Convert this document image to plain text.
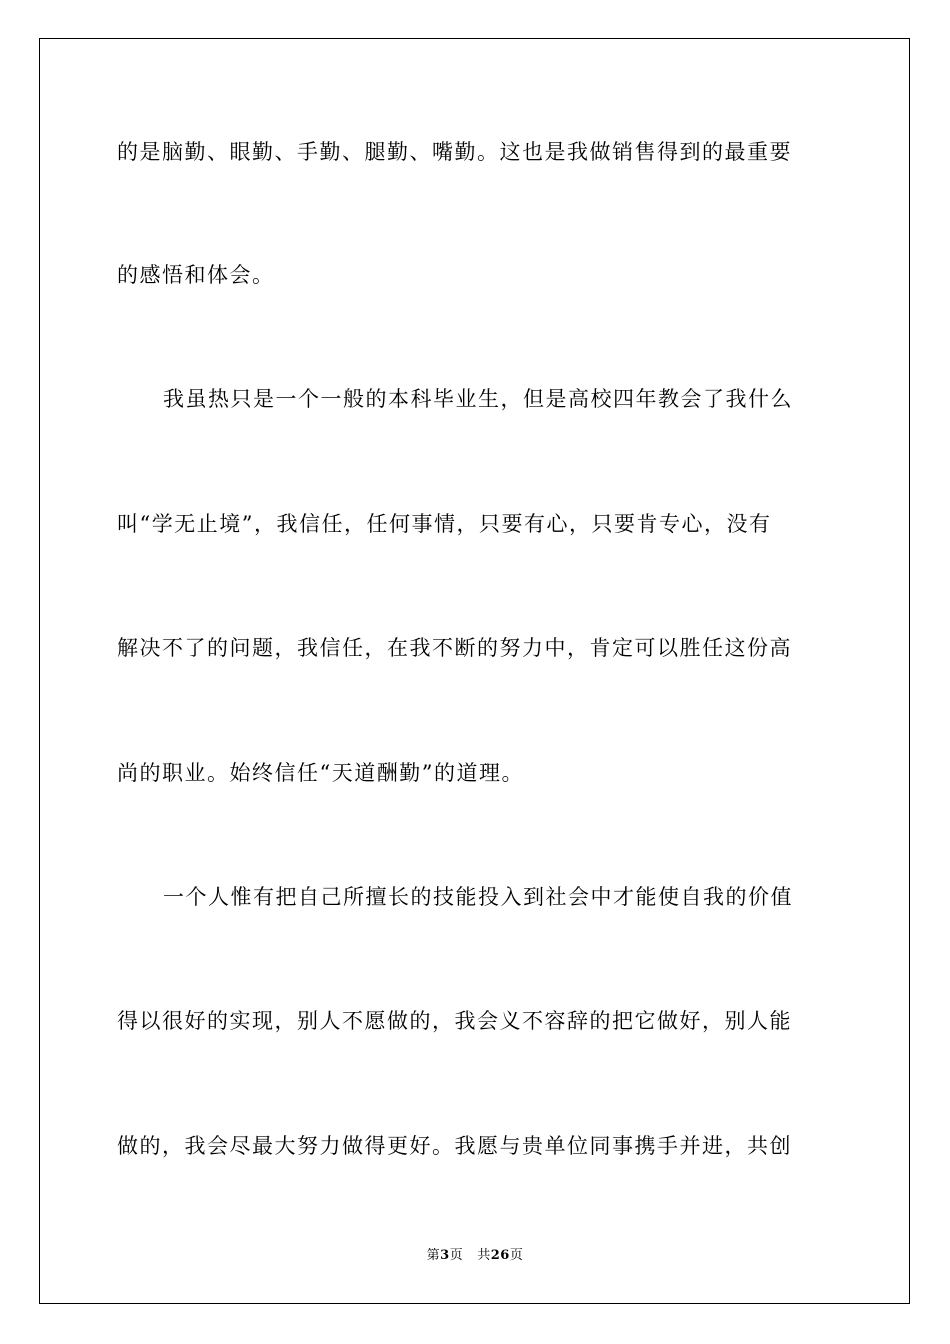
的是脑勤、眼勤、手勤、腿勤、嘴勤。这也是我做销售得到的最重要
的感悟和体会。
我虽热只是一个一般的本科毕业生，但是高校四年教会了我什么
叫“学无止境”，我信任，任何事情，只要有心，只要肯专心，没有
解决不了的问题，我信任，在我不断的努力中，肯定可以胜任这份高
尚的职业。始终信任“天道酬勤”的道理。
一个人惟有把自己所擅长的技能投入到社会中才能使自我的价值
得以很好的实现，别人不愿做的，我会义不容辞的把它做好，别人能
做的，我会尽最大努力做得更好。我愿与贵单位同事携手并进，共创
第3页 共26页
